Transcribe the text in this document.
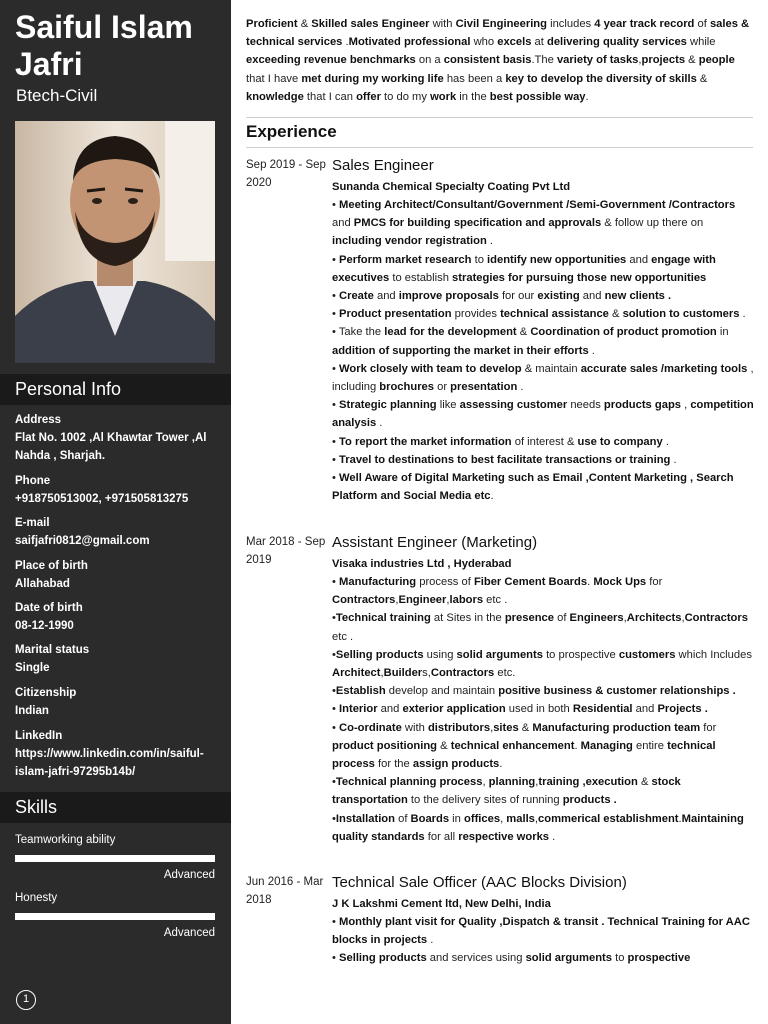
Saiful Islam Jafri
Btech-Civil
Personal Info
Address
Flat No. 1002 ,Al Khawtar Tower ,Al Nahda , Sharjah.
Phone
+918750513002, +971505813275
E-mail
saifjafri0812@gmail.com
Place of birth
Allahabad
Date of birth
08-12-1990
Marital status
Single
Citizenship
Indian
LinkedIn
https://www.linkedin.com/in/saiful-islam-jafri-97295b14b/
Skills
Teamworking ability
Advanced
Honesty
Advanced
1

Proficient & Skilled sales Engineer with Civil Engineering includes 4 year track record of sales & technical services .Motivated professional who excels at delivering quality services while exceeding revenue benchmarks on a consistent basis.The variety of tasks,projects & people that I have met during my working life has been a key to develop the diversity of skills & knowledge that I can offer to do my work in the best possible way.

Experience
Sep 2019 - Sep 2020
Sales Engineer
Sunanda Chemical Specialty Coating Pvt Ltd
• Meeting Architect/Consultant/Government /Semi-Government /Contractors and PMCS for building specification and approvals & follow up there on including vendor registration .
• Perform market research to identify new opportunities and engage with executives to establish strategies for pursuing those new opportunities
• Create and improve proposals for our existing and new clients .
• Product presentation provides technical assistance & solution to customers .
• Take the lead for the development & Coordination of product promotion in addition of supporting the market in their efforts .
• Work closely with team to develop & maintain accurate sales /marketing tools , including brochures or presentation .
• Strategic planning like assessing customer needs products gaps , competition analysis .
• To report the market information of interest & use to company .
• Travel to destinations to best facilitate transactions or training .
• Well Aware of Digital Marketing such as Email ,Content Marketing , Search Platform and Social Media etc.
Mar 2018 - Sep 2019
Assistant Engineer (Marketing)
Visaka industries Ltd , Hyderabad
• Manufacturing process of Fiber Cement Boards. Mock Ups for Contractors,Engineer,labors etc .
•Technical training at Sites in the presence of Engineers,Architects,Contractors etc .
•Selling products using solid arguments to prospective customers which Includes Architect,Builders,Contractors etc.
•Establish develop and maintain positive business & customer relationships .
• Interior and exterior application used in both Residential and Projects .
• Co-ordinate with distributors,sites & Manufacturing production team for product positioning & technical enhancement. Managing entire technical process for the assign products.
•Technical planning process, planning,training ,execution & stock transportation to the delivery sites of running products .
•Installation of Boards in offices, malls,commerical establishment.Maintaining quality standards for all respective works .
Jun 2016 - Mar 2018
Technical Sale Officer (AAC Blocks Division)
J K Lakshmi Cement ltd, New Delhi, India
• Monthly plant visit for Quality ,Dispatch & transit . Technical Training for AAC blocks in projects .
• Selling products and services using solid arguments to prospective
